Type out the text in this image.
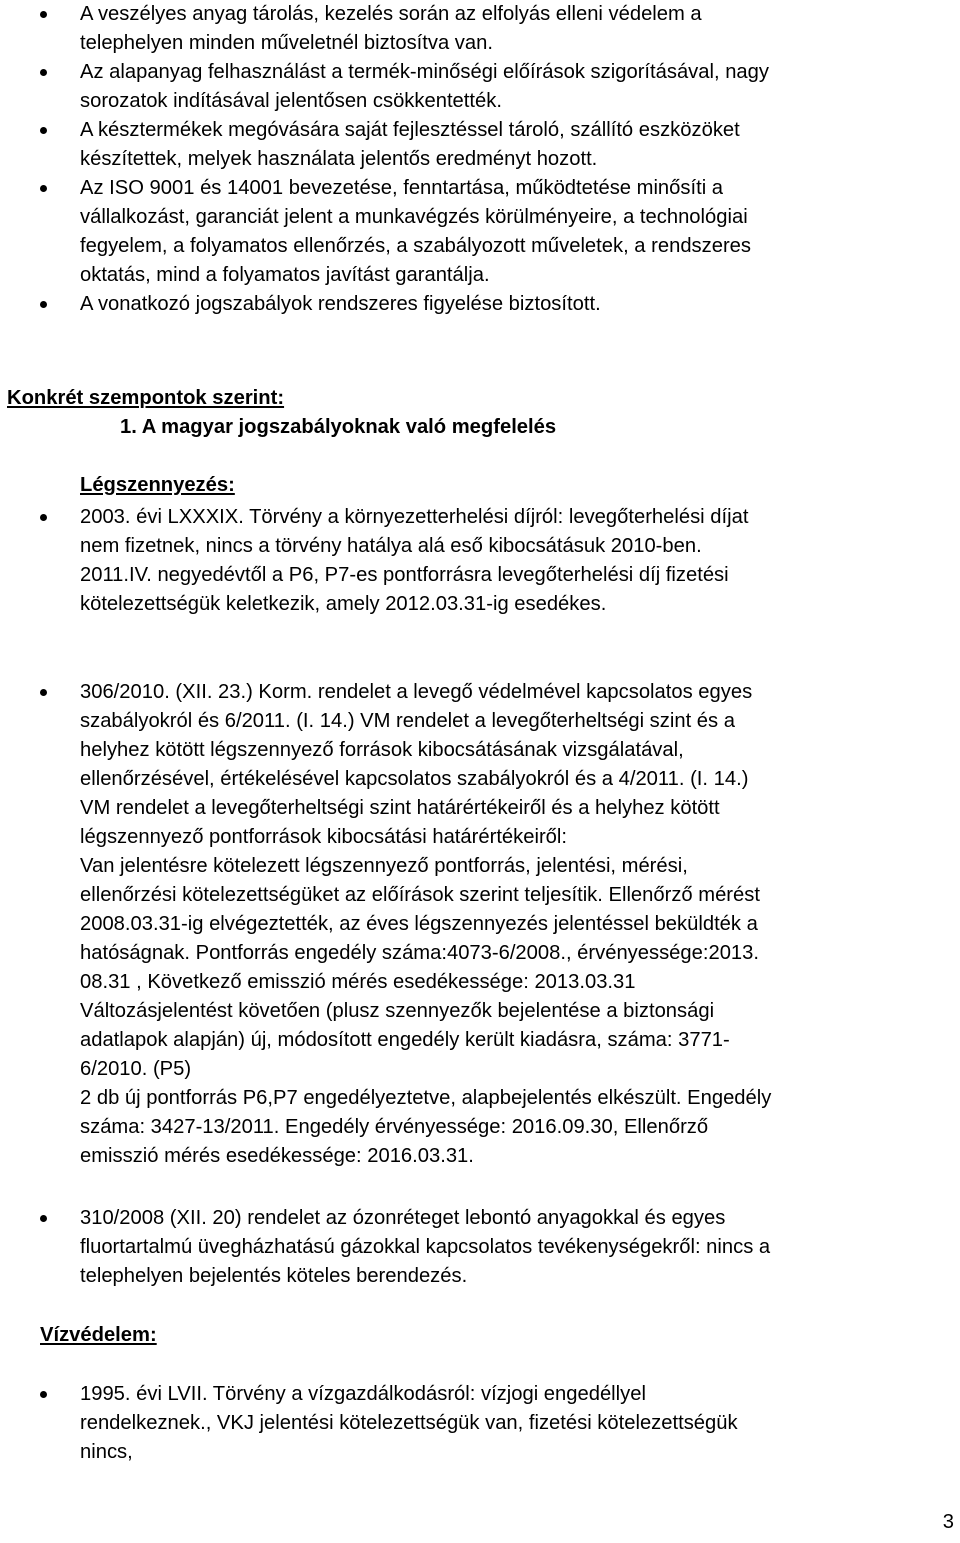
A veszélyes anyag tárolás, kezelés során az elfolyás elleni védelem a
telephelyen minden műveletnél biztosítva van.
Az alapanyag felhasználást a termék-minőségi előírások szigorításával, nagy
sorozatok indításával jelentősen csökkentették.
A késztermékek megóvására saját fejlesztéssel tároló, szállító eszközöket
készítettek, melyek használata jelentős eredményt hozott.
Az ISO 9001 és 14001 bevezetése, fenntartása, működtetése minősíti a
vállalkozást, garanciát jelent a munkavégzés körülményeire, a technológiai
fegyelem, a folyamatos ellenőrzés, a szabályozott műveletek, a rendszeres
oktatás, mind a folyamatos javítást garantálja.
A vonatkozó jogszabályok rendszeres figyelése biztosított.
Konkrét szempontok szerint:
1. A magyar jogszabályoknak való megfelelés
Légszennyezés:
2003. évi LXXXIX. Törvény a környezetterhelési díjról: levegőterhelési díjat
nem fizetnek, nincs a törvény hatálya alá eső kibocsátásuk 2010-ben.
2011.IV. negyedévtől a P6, P7-es pontforrásra levegőterhelési díj fizetési
kötelezettségük keletkezik, amely 2012.03.31-ig esedékes.
306/2010. (XII. 23.) Korm. rendelet a levegő védelmével kapcsolatos egyes
szabályokról és 6/2011. (I. 14.) VM rendelet a levegőterheltségi szint és a
helyhez kötött légszennyező források kibocsátásának vizsgálatával,
ellenőrzésével, értékelésével kapcsolatos szabályokról és a 4/2011. (I. 14.)
VM rendelet a levegőterheltségi szint határértékeiről és a helyhez kötött
légszennyező pontforrások kibocsátási határértékeiről:
Van jelentésre kötelezett légszennyező pontforrás, jelentési, mérési,
ellenőrzési kötelezettségüket az előírások szerint teljesítik. Ellenőrző mérést
2008.03.31-ig elvégeztették, az éves légszennyezés jelentéssel beküldték a
hatóságnak. Pontforrás engedély száma:4073-6/2008., érvényessége:2013.
08.31 , Következő emisszió mérés esedékessége: 2013.03.31
Változásjelentést követően (plusz szennyezők bejelentése a biztonsági
adatlapok alapján) új, módosított engedély került kiadásra, száma: 3771-
6/2010. (P5)
2 db új pontforrás P6,P7 engedélyeztetve, alapbejelentés elkészült. Engedély
száma: 3427-13/2011. Engedély érvényessége: 2016.09.30, Ellenőrző
emisszió mérés esedékessége: 2016.03.31.
310/2008 (XII. 20) rendelet az ózonréteget lebontó anyagokkal és egyes
fluortartalmú üvegházhatású gázokkal kapcsolatos tevékenységekről: nincs a
telephelyen bejelentés köteles berendezés.
Vízvédelem:
1995. évi LVII. Törvény a vízgazdálkodásról: vízjogi engedéllyel
rendelkeznek., VKJ jelentési kötelezettségük van, fizetési kötelezettségük
nincs,
3
